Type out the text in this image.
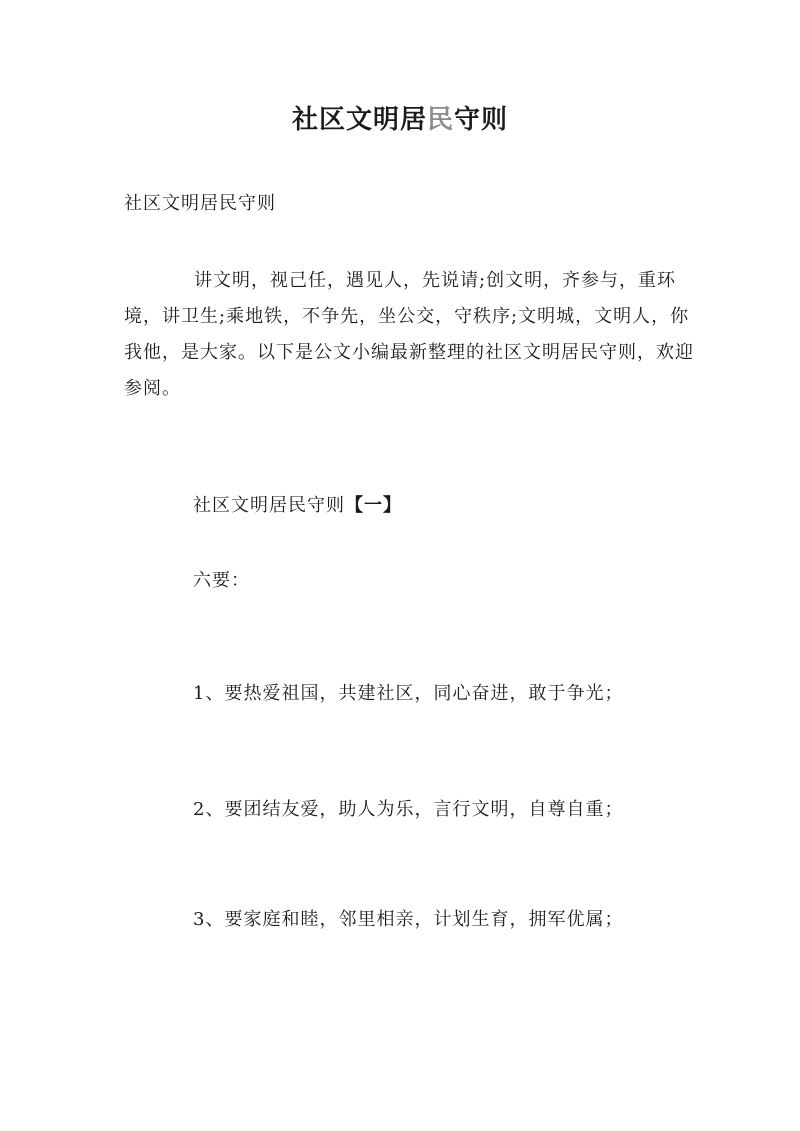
社区文明居民守则
社区文明居民守则

讲文明，视己任，遇见人，先说请;创文明，齐参与，重环境，讲卫生;乘地铁，不争先，坐公交，守秩序;文明城，文明人，你我他，是大家。以下是公文小编最新整理的社区文明居民守则，欢迎参阅。

社区文明居民守则【一】

六要：

1、要热爱祖国，共建社区，同心奋进，敢于争光；

2、要团结友爱，助人为乐，言行文明，自尊自重；

3、要家庭和睦，邻里相亲，计划生育，拥军优属；
